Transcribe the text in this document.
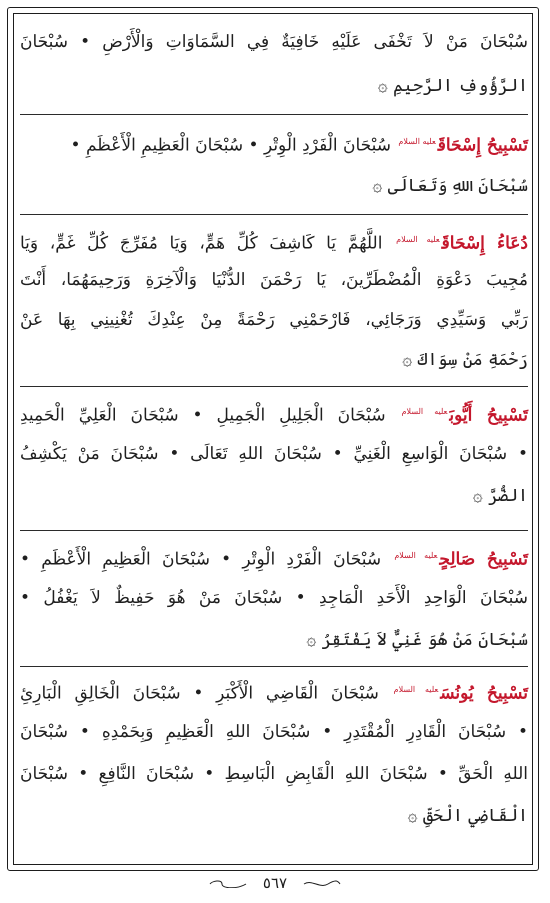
سُبْحَانَ مَنْ لاَ تَخْفَى عَلَيْهِ خَافِيَةٌ فِي السَّمَاوَاتِ وَالْأَرْضِ • سُبْحَانَ
الرَّؤُوفِ الرَّحِيمِ ۞
تَسْبِيحُ إِسْحَاقَ$^{عليه السلام}$ سُبْحَانَ الْفَرْدِ الْوِتْرِ • سُبْحَانَ الْعَظِيمِ الْأَعْظَمِ •
سُبْحَانَ اللهِ وَتَعَالَى ۞
دُعَاءُ إِسْحَاقَ$^{عليه السلام}$ اللَّهُمَّ يَا كَاشِفَ كُلِّ هَمٍّ، وَيَا مُفَرِّجَ كُلِّ غَمٍّ، وَيَا
مُجِيبَ دَعْوَةِ الْمُضْطَرِّينَ، يَا رَحْمَنَ الدُّنْيَا وَالْآخِرَةِ وَرَحِيمَهُمَا، أَنْتَ
رَبِّي وَسَيِّدِي وَرَجَائِي، فَارْحَمْنِي رَحْمَةً مِنْ عِنْدِكَ تُغْنِينِي بِهَا عَنْ
رَحْمَةِ مَنْ سِوَاكَ ۞
تَسْبِيحُ أَيُّوبَ$^{عليه السلام}$ سُبْحَانَ الْجَلِيلِ الْجَمِيلِ • سُبْحَانَ الْعَلِيِّ الْحَمِيدِ
• سُبْحَانَ الْوَاسِعِ الْغَنِيِّ • سُبْحَانَ اللهِ تَعَالَى • سُبْحَانَ مَنْ يَكْشِفُ
الضُّرَّ ۞
تَسْبِيحُ صَالِحٍ$^{عليه السلام}$ سُبْحَانَ الْفَرْدِ الْوِتْرِ • سُبْحَانَ الْعَظِيمِ الْأَعْظَمِ •
سُبْحَانَ الْوَاحِدِ الْأَحَدِ الْمَاجِدِ • سُبْحَانَ مَنْ هُوَ حَفِيظٌ لاَ يَغْفُلُ •
سُبْحَانَ مَنْ هُوَ غَنِيٌّ لاَ يَفْتَقِرُ ۞
تَسْبِيحُ يُونُسَ$^{عليه السلام}$ سُبْحَانَ الْقَاضِي الْأَكْبَرِ • سُبْحَانَ الْخَالِقِ الْبَارِئِ
• سُبْحَانَ الْقَادِرِ الْمُقْتَدِرِ • سُبْحَانَ اللهِ الْعَظِيمِ وَبِحَمْدِهِ • سُبْحَانَ
اللهِ الْحَقِّ • سُبْحَانَ اللهِ الْقَابِضِ الْبَاسِطِ • سُبْحَانَ النَّافِعِ • سُبْحَانَ
الْقَاضِي الْحَقِّ ۞
٥٦٧
